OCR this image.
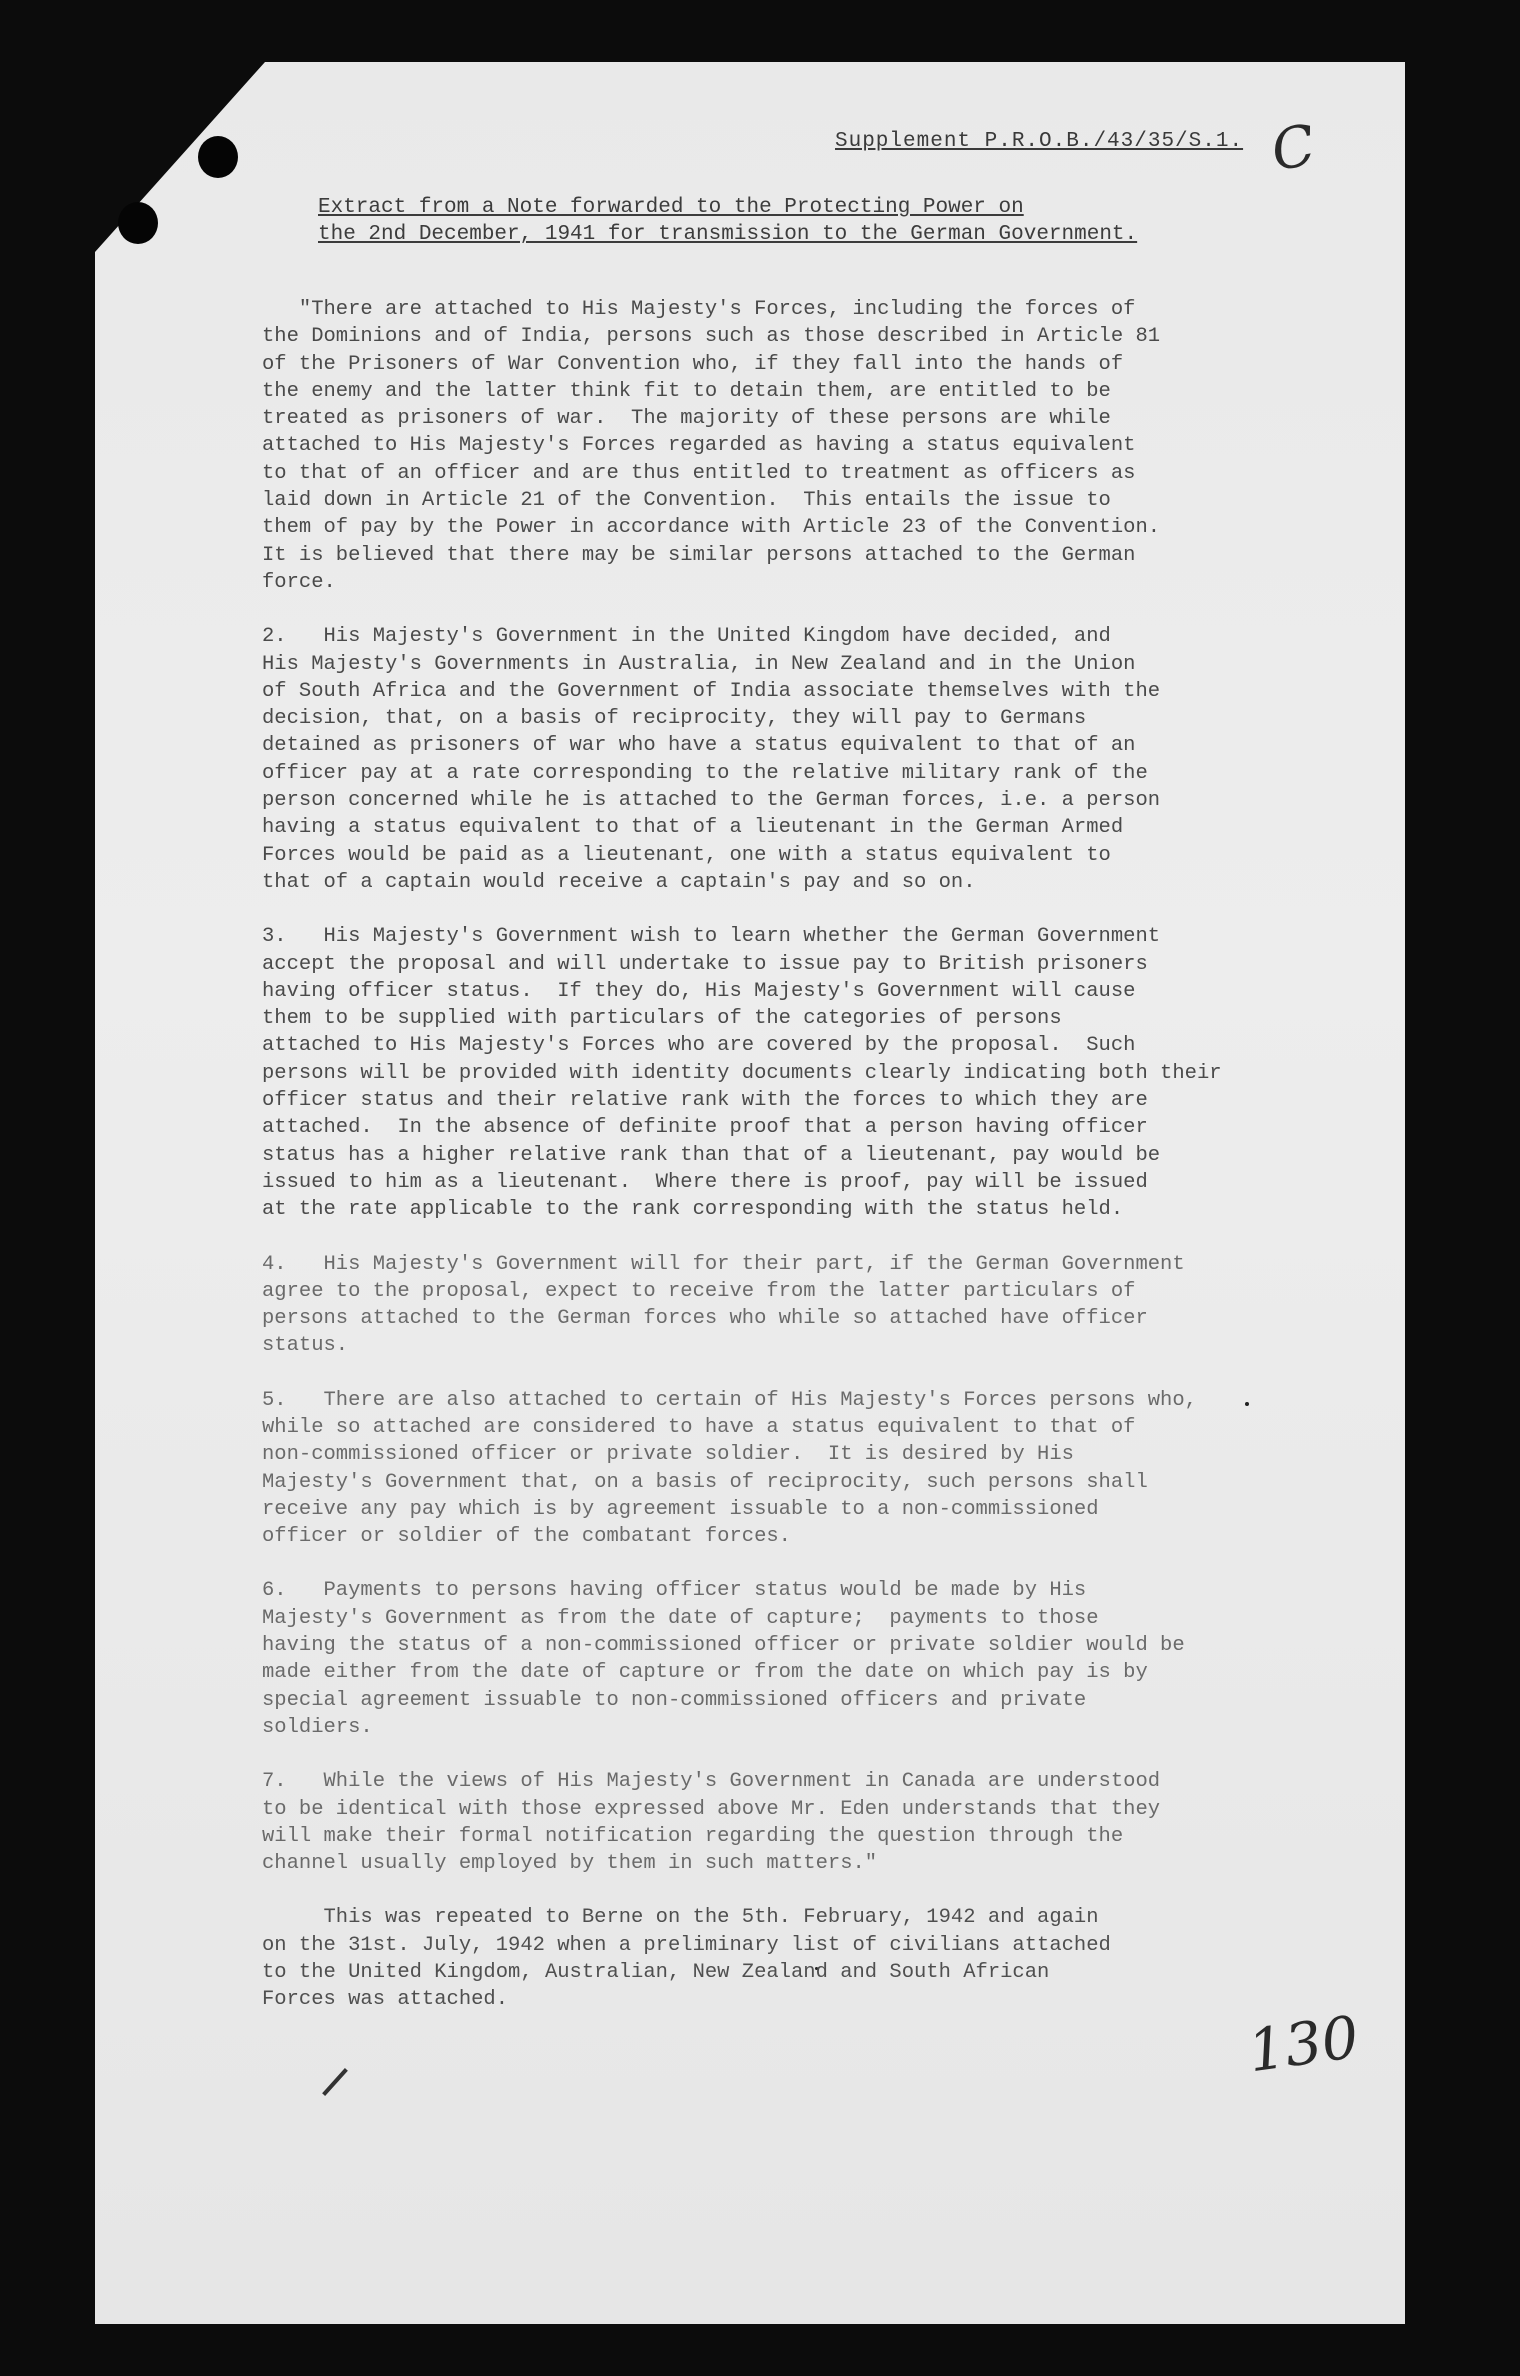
Supplement P.R.O.B./43/35/S.1. C

Extract from a Note forwarded to the Protecting Power on
the 2nd December, 1941 for transmission to the German Government.

"There are attached to His Majesty's Forces, including the forces of
the Dominions and of India, persons such as those described in Article 81
of the Prisoners of War Convention who, if they fall into the hands of
the enemy and the latter think fit to detain them, are entitled to be
treated as prisoners of war.  The majority of these persons are while
attached to His Majesty's Forces regarded as having a status equivalent
to that of an officer and are thus entitled to treatment as officers as
laid down in Article 21 of the Convention.  This entails the issue to
them of pay by the Power in accordance with Article 23 of the Convention.
It is believed that there may be similar persons attached to the German
force.

2.   His Majesty's Government in the United Kingdom have decided, and
His Majesty's Governments in Australia, in New Zealand and in the Union
of South Africa and the Government of India associate themselves with the
decision, that, on a basis of reciprocity, they will pay to Germans
detained as prisoners of war who have a status equivalent to that of an
officer pay at a rate corresponding to the relative military rank of the
person concerned while he is attached to the German forces, i.e. a person
having a status equivalent to that of a lieutenant in the German Armed
Forces would be paid as a lieutenant, one with a status equivalent to
that of a captain would receive a captain's pay and so on.

3.   His Majesty's Government wish to learn whether the German Government
accept the proposal and will undertake to issue pay to British prisoners
having officer status.  If they do, His Majesty's Government will cause
them to be supplied with particulars of the categories of persons
attached to His Majesty's Forces who are covered by the proposal.  Such
persons will be provided with identity documents clearly indicating both their
officer status and their relative rank with the forces to which they are
attached.  In the absence of definite proof that a person having officer
status has a higher relative rank than that of a lieutenant, pay would be
issued to him as a lieutenant.  Where there is proof, pay will be issued
at the rate applicable to the rank corresponding with the status held.

4.   His Majesty's Government will for their part, if the German Government
agree to the proposal, expect to receive from the latter particulars of
persons attached to the German forces who while so attached have officer
status.

5.   There are also attached to certain of His Majesty's Forces persons who,
while so attached are considered to have a status equivalent to that of
non-commissioned officer or private soldier.  It is desired by His
Majesty's Government that, on a basis of reciprocity, such persons shall
receive any pay which is by agreement issuable to a non-commissioned
officer or soldier of the combatant forces.

6.   Payments to persons having officer status would be made by His
Majesty's Government as from the date of capture;  payments to those
having the status of a non-commissioned officer or private soldier would be
made either from the date of capture or from the date on which pay is by
special agreement issuable to non-commissioned officers and private
soldiers.

7.   While the views of His Majesty's Government in Canada are understood
to be identical with those expressed above Mr. Eden understands that they
will make their formal notification regarding the question through the
channel usually employed by them in such matters."

This was repeated to Berne on the 5th. February, 1942 and again
on the 31st. July, 1942 when a preliminary list of civilians attached
to the United Kingdom, Australian, New Zealand and South African
Forces was attached.

130
